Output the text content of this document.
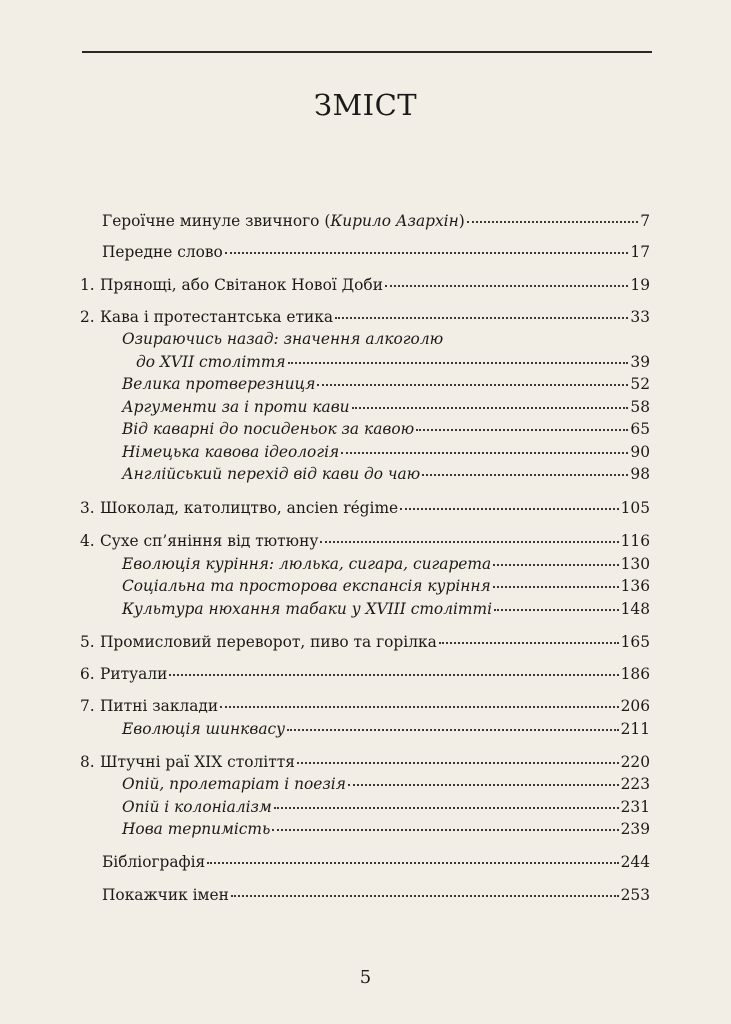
ЗМІСТ
Героїчне минуле звичного (Кирило Азархін)	7
Передне слово	17
1. Прянощі, або Світанок Нової Доби	19
2. Кава і протестантська етика	33
Озираючись назад: значення алкоголю
до XVII століття	39
Велика протверезниця	52
Аргументи за і проти кави	58
Від каварні до посиденьок за кавою	65
Німецька кавова ідеологія	90
Англійський перехід від кави до чаю	98
3. Шоколад, католицтво, ancien régime	105
4. Сухе сп’яніння від тютюну	116
Еволюція куріння: люлька, сигара, сигарета	130
Соціальна та просторова експансія куріння	136
Культура нюхання табаки у XVIII столітті	148
5. Промисловий переворот, пиво та горілка	165
6. Ритуали	186
7. Питні заклади	206
Еволюція шинквасу	211
8. Штучні раї XIX століття	220
Опій, пролетаріат і поезія	223
Опій і колоніалізм	231
Нова терпимість	239
Бібліографія	244
Покажчик імен	253
5
